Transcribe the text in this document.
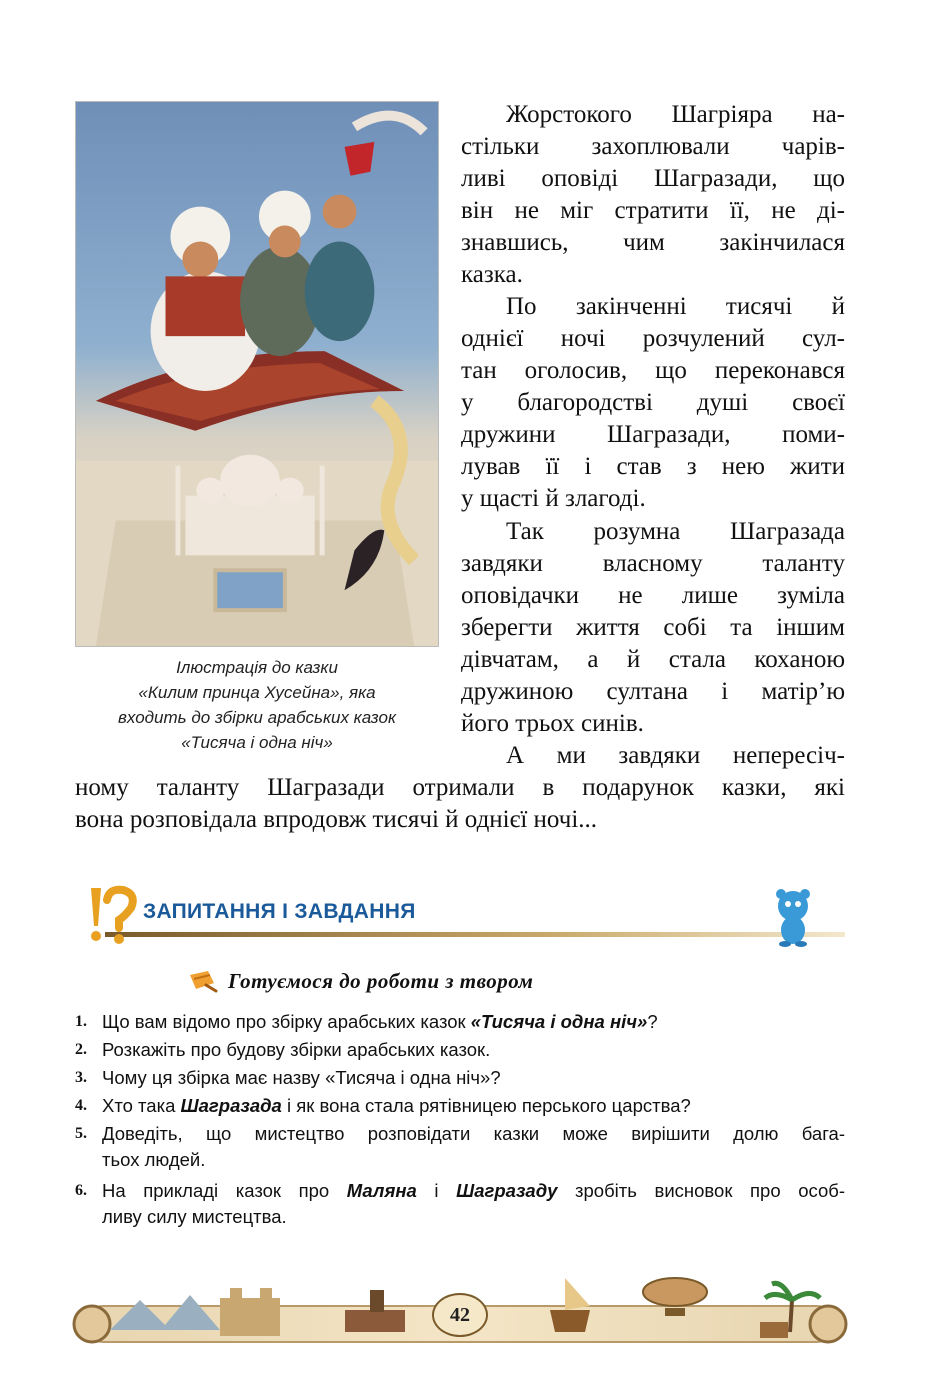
Ілюстрація до казки
«Килим принца Хусейна», яка
входить до збірки арабських казок
«Тисяча і одна ніч»
Жорстокого Шагріяра на-
стільки захоплювали чарів-
ливі оповіді Шагразади, що
він не міг стратити її, не ді-
знавшись, чим закінчилася
казка.
По закінченні тисячі й
однієї ночі розчулений сул-
тан оголосив, що переконався
у благородстві душі своєї
дружини Шагразади, поми-
лував її і став з нею жити
у щасті й злагоді.
Так розумна Шагразада
завдяки власному таланту
оповідачки не лише зуміла
зберегти життя собі та іншим
дівчатам, а й стала коханою
дружиною султана і матір’ю
його трьох синів.
А ми завдяки непересіч-
ному таланту Шагразади отримали в подарунок казки, які
вона розповідала впродовж тисячі й однієї ночі...
ЗАПИТАННЯ І ЗАВДАННЯ
Готуємося до роботи з твором
1. Що вам відомо про збірку арабських казок «Тисяча і одна ніч»?
2. Розкажіть про будову збірки арабських казок.
3. Чому ця збірка має назву «Тисяча і одна ніч»?
4. Хто така Шагразада і як вона стала рятівницею перського царства?
5. Доведіть, що мистецтво розповідати казки може вирішити долю бага-
тьох людей.
6. На прикладі казок про Маляна і Шагразаду зробіть висновок про особ-
ливу силу мистецтва.
42
